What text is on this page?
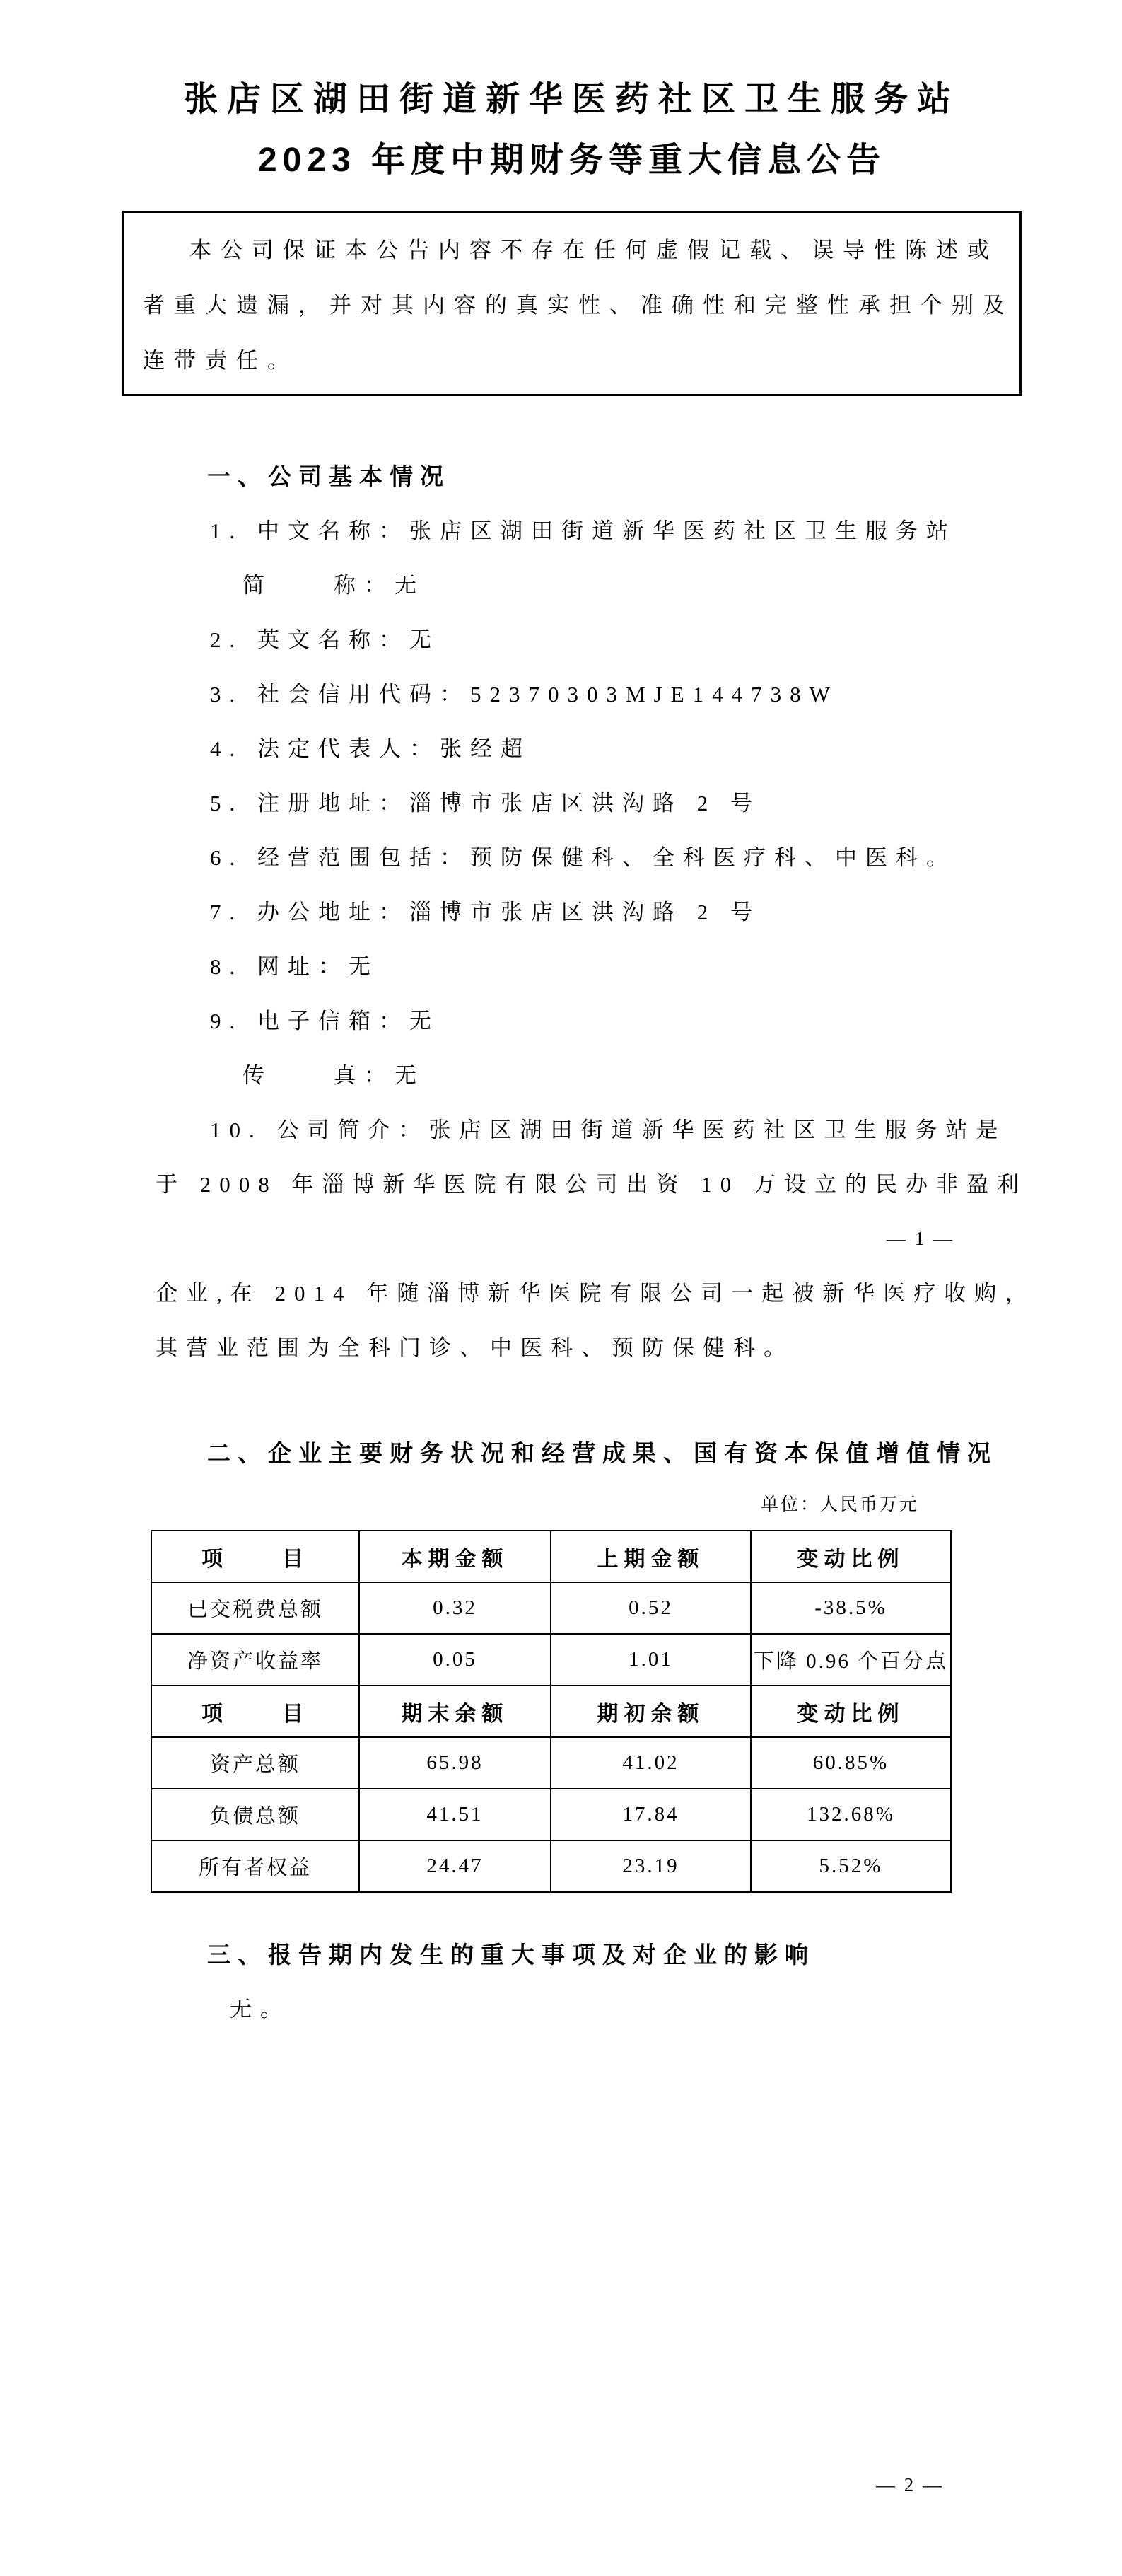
张店区湖田街道新华医药社区卫生服务站
2023 年度中期财务等重大信息公告
本公司保证本公告内容不存在任何虚假记载、误导性陈述或
者重大遗漏，并对其内容的真实性、准确性和完整性承担个别及
连带责任。
一、公司基本情况
1. 中文名称：张店区湖田街道新华医药社区卫生服务站
简　　称：无
2. 英文名称：无
3. 社会信用代码：52370303MJE144738W
4. 法定代表人：张经超
5. 注册地址：淄博市张店区洪沟路 2 号
6. 经营范围包括：预防保健科、全科医疗科、中医科。
7. 办公地址：淄博市张店区洪沟路 2 号
8. 网址：无
9. 电子信箱：无
传　　真：无
10. 公司简介：张店区湖田街道新华医药社区卫生服务站是
于 2008 年淄博新华医院有限公司出资 10 万设立的民办非盈利
— 1 —
企业,在 2014 年随淄博新华医院有限公司一起被新华医疗收购，
其营业范围为全科门诊、中医科、预防保健科。
二、企业主要财务状况和经营成果、国有资本保值增值情况
单位：人民币万元
项　　目	本期金额	上期金额	变动比例
已交税费总额	0.32	0.52	-38.5%
净资产收益率	0.05	1.01	下降 0.96 个百分点
项　　目	期末余额	期初余额	变动比例
资产总额	65.98	41.02	60.85%
负债总额	41.51	17.84	132.68%
所有者权益	24.47	23.19	5.52%
三、报告期内发生的重大事项及对企业的影响
无。
— 2 —
